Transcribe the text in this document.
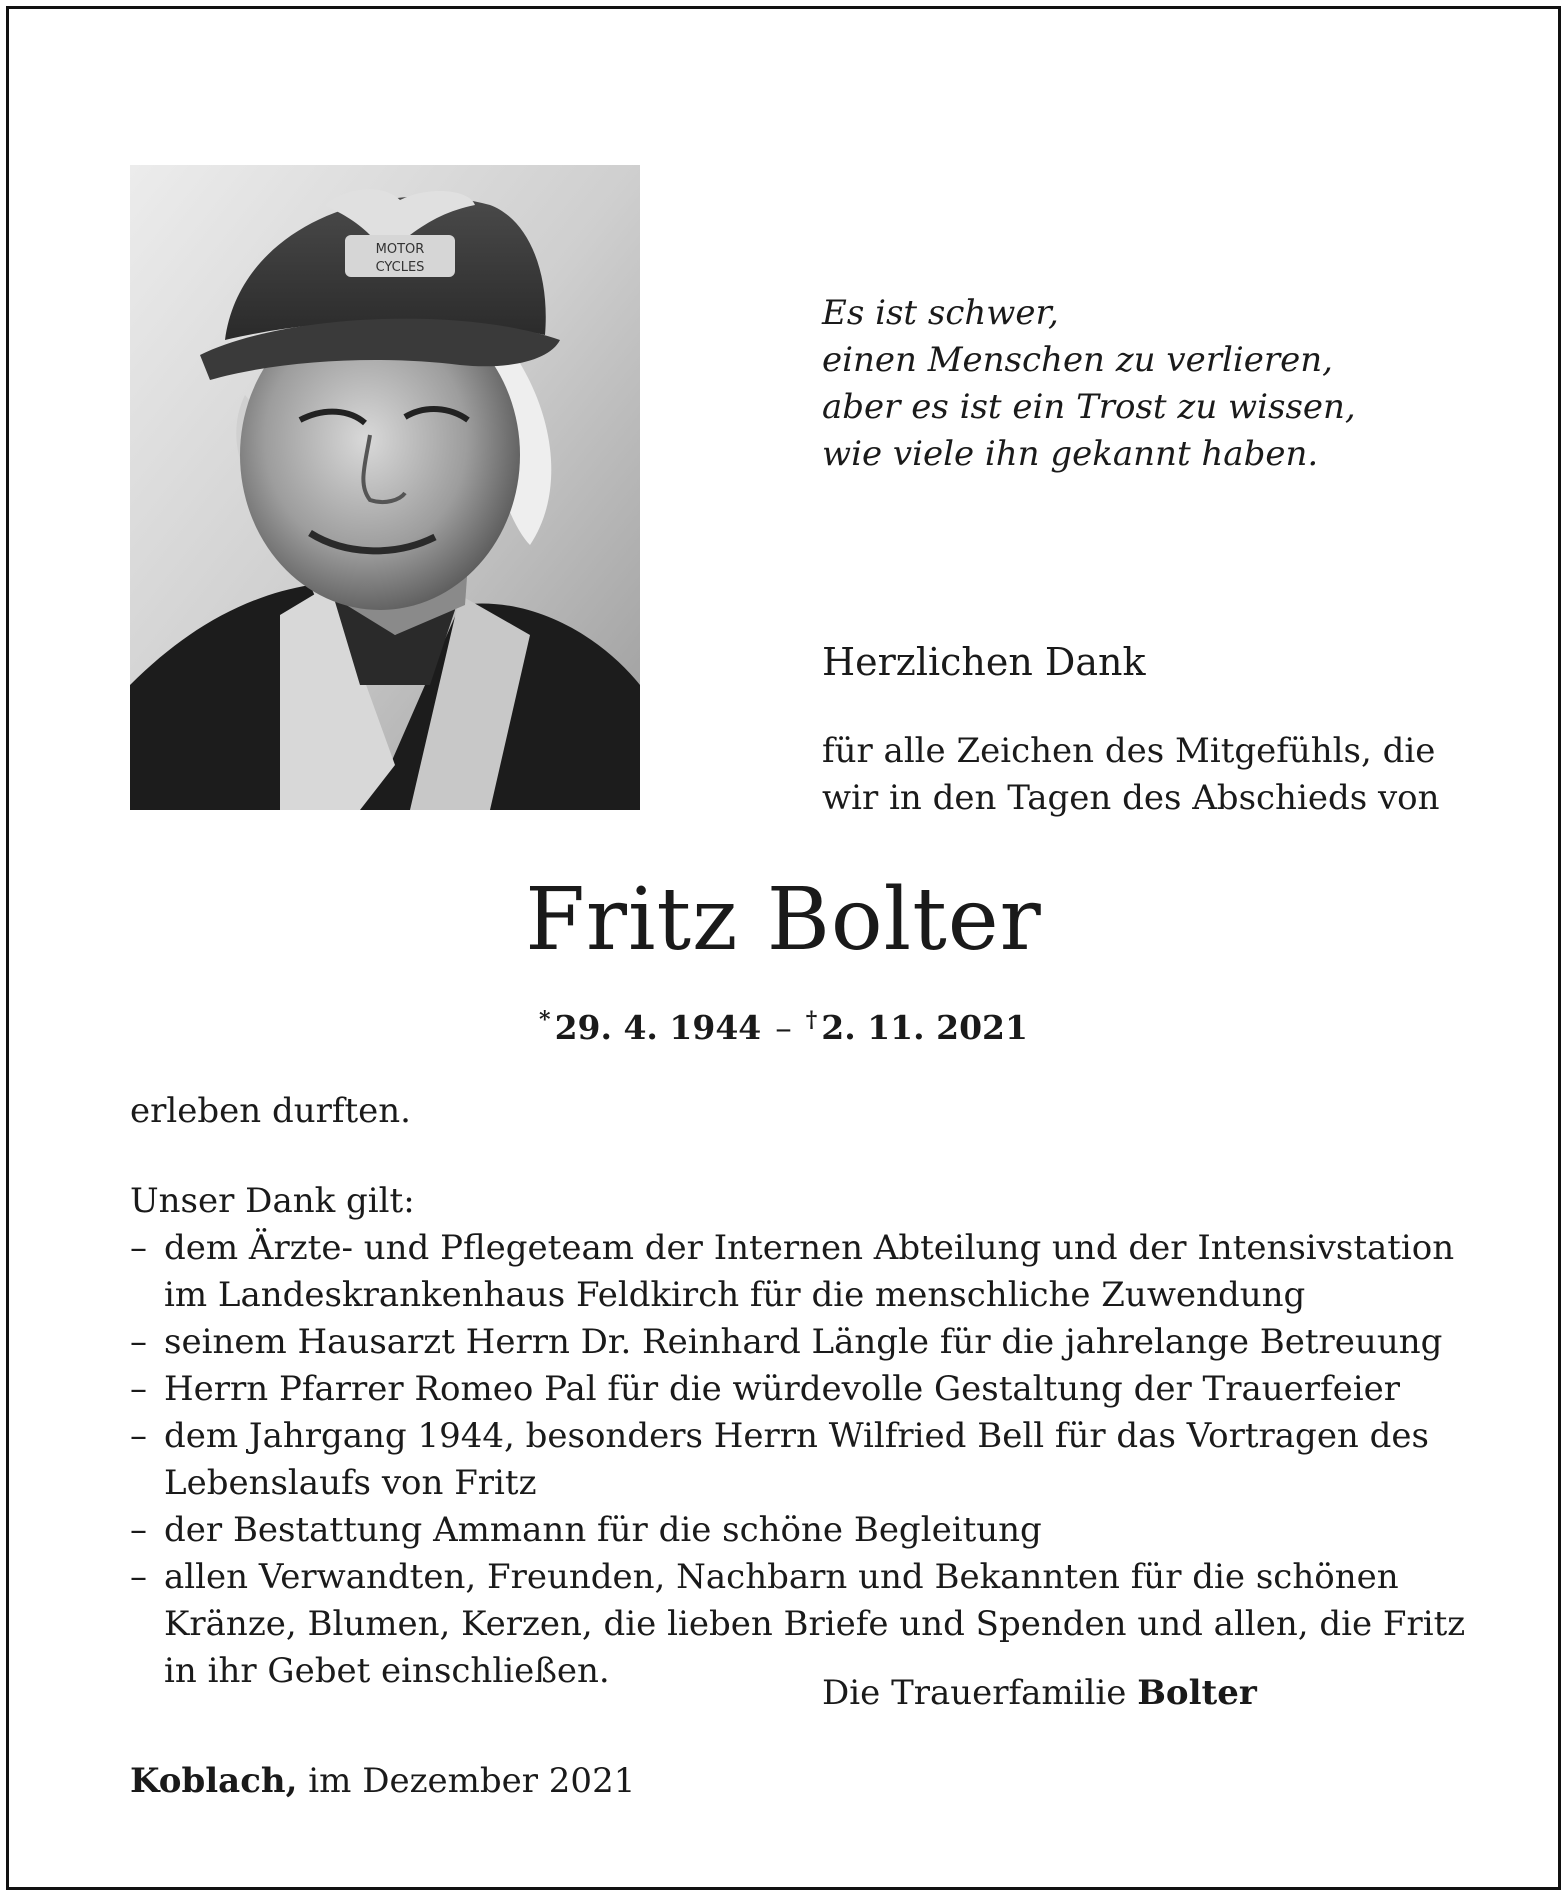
MOTOR
CYCLES
Es ist schwer,
einen Menschen zu verlieren,
aber es ist ein Trost zu wissen,
wie viele ihn gekannt haben.
Herzlichen Dank
für alle Zeichen des Mitgefühls, die
wir in den Tagen des Abschieds von
Fritz Bolter
* 29. 4. 1944 – † 2. 11. 2021
erleben durften.
Unser Dank gilt:
– dem Ärzte- und Pflegeteam der Internen Abteilung und der Intensivstation
im Landeskrankenhaus Feldkirch für die menschliche Zuwendung
– seinem Hausarzt Herrn Dr. Reinhard Längle für die jahrelange Betreuung
– Herrn Pfarrer Romeo Pal für die würdevolle Gestaltung der Trauerfeier
– dem Jahrgang 1944, besonders Herrn Wilfried Bell für das Vortragen des
Lebenslaufs von Fritz
– der Bestattung Ammann für die schöne Begleitung
– allen Verwandten, Freunden, Nachbarn und Bekannten für die schönen
Kränze, Blumen, Kerzen, die lieben Briefe und Spenden und allen, die Fritz
in ihr Gebet einschließen.
Die Trauerfamilie Bolter
Koblach, im Dezember 2021
